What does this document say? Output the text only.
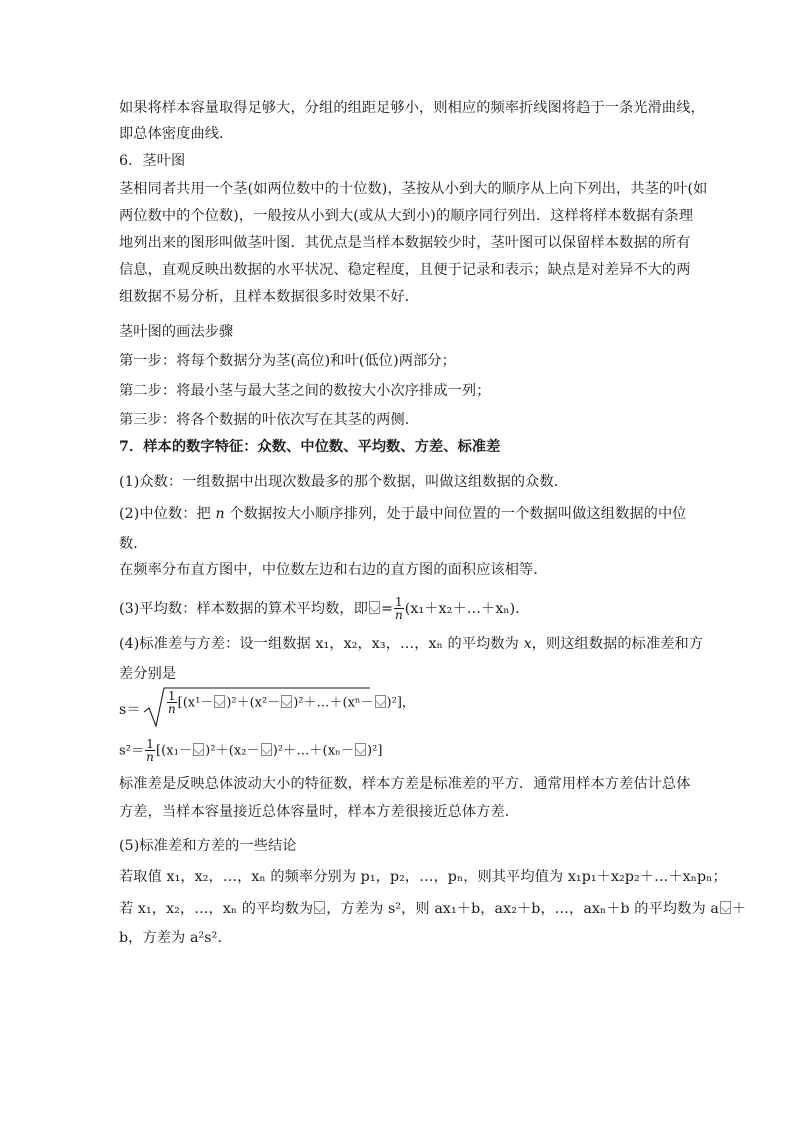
如果将样本容量取得足够大，分组的组距足够小，则相应的频率折线图将趋于一条光滑曲线，
即总体密度曲线．
6．茎叶图
茎相同者共用一个茎(如两位数中的十位数)，茎按从小到大的顺序从上向下列出，共茎的叶(如
两位数中的个位数)，一般按从小到大(或从大到小)的顺序同行列出．这样将样本数据有条理
地列出来的图形叫做茎叶图．其优点是当样本数据较少时，茎叶图可以保留样本数据的所有
信息，直观反映出数据的水平状况、稳定程度，且便于记录和表示；缺点是对差异不大的两
组数据不易分析，且样本数据很多时效果不好．
茎叶图的画法步骤
第一步：将每个数据分为茎(高位)和叶(低位)两部分；
第二步：将最小茎与最大茎之间的数按大小次序排成一列；
第三步：将各个数据的叶依次写在其茎的两侧．
7．样本的数字特征：众数、中位数、平均数、方差、标准差
(1)众数：一组数据中出现次数最多的那个数据，叫做这组数据的众数．
(2)中位数：把 n 个数据按大小顺序排列，处于最中间位置的一个数据叫做这组数据的中位
数．
在频率分布直方图中，中位数左边和右边的直方图的面积应该相等．
(3)平均数：样本数据的算术平均数，即 = $\frac{1}{n}$ (x₁＋x₂＋…＋xₙ)．
(4)标准差与方差：设一组数据 x₁，x₂，x₃，…，xₙ 的平均数为 x，则这组数据的标准差和方
差分别是
$s= \frac{1}{n} [(x^1- )^2+(x^2-$ )²＋…＋(xⁿ－ )²]，
$s^2= \frac{1}{n} [(x_1- )^2+(x_2-$ )²＋…＋(xₙ－ )²]
标准差是反映总体波动大小的特征数，样本方差是标准差的平方．通常用样本方差估计总体
方差，当样本容量接近总体容量时，样本方差很接近总体方差．
(5)标准差和方差的一些结论
若取值 x₁，x₂，…，xₙ 的频率分别为 p₁，p₂，…，pₙ，则其平均值为 x₁p₁＋x₂p₂＋…＋xₙpₙ；
若 x₁，x₂，…，xₙ 的平均数为 ，方差为 s²，则 ax₁＋b，ax₂＋b，…，axₙ＋b 的平均数为 a ＋
b，方差为 a²s².
